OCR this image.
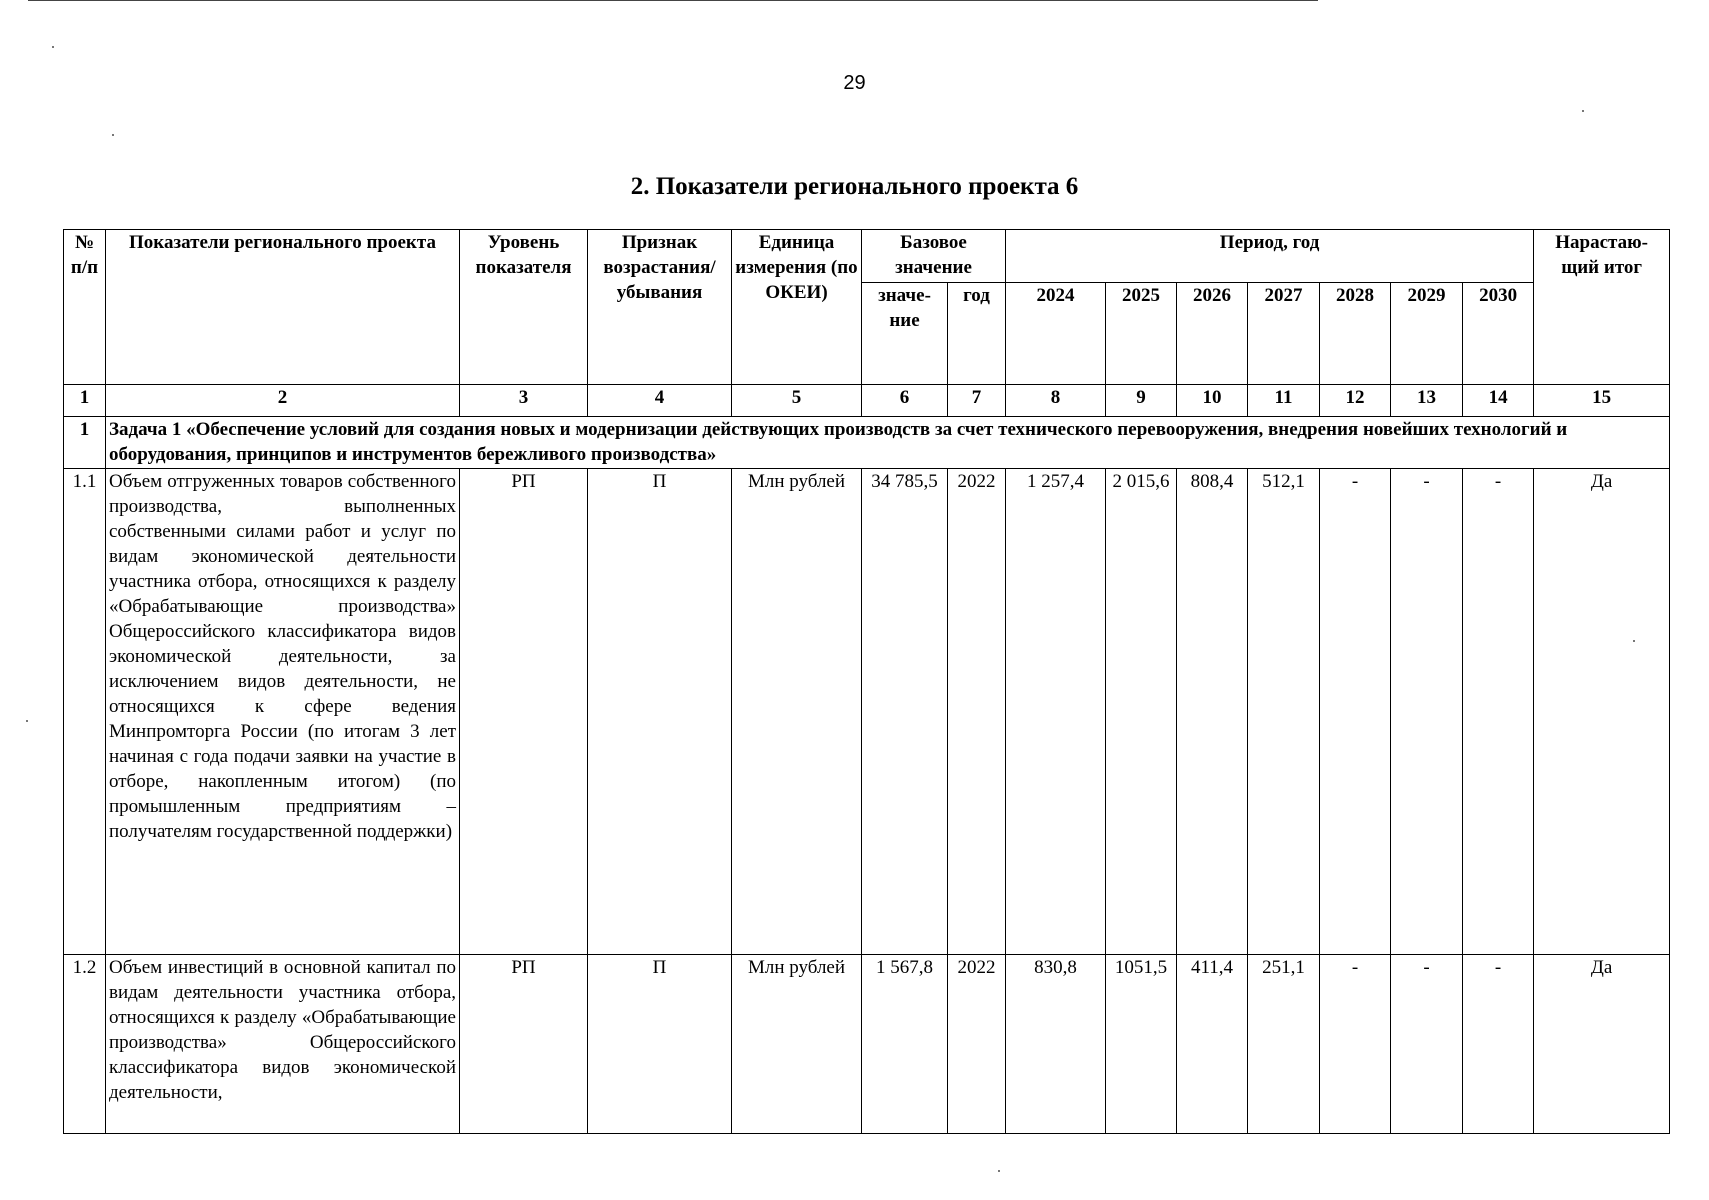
29
2. Показатели регионального проекта 6
№ п/п	Показатели регионального проекта	Уровень показателя	Признак возрастания/ убывания	Единица измерения (по ОКЕИ)	Базовое значение		Период, год							Нарастаю- щий итог
					значе- ние	год	2024	2025	2026	2027	2028	2029	2030	
1	2	3	4	5	6	7	8	9	10	11	12	13	14	15
1	Задача 1 «Обеспечение условий для создания новых и модернизации действующих производств за счет технического перевооружения, внедрения новейших технологий и оборудования, принципов и инструментов бережливого производства»													
1.1	Объем отгруженных товаров собственного производства, выполненных собственными силами работ и услуг по видам экономической деятельности участника отбора, относящихся к разделу «Обрабатывающие производства» Общероссийского классификатора видов экономической деятельности, за исключением видов деятельности, не относящихся к сфере ведения Минпромторга России (по итогам 3 лет начиная с года подачи заявки на участие в отборе, накопленным итогом) (по промышленным предприятиям – получателям государственной поддержки)	РП	П	Млн рублей	34 785,5	2022	1 257,4	2 015,6	808,4	512,1	-	-	-	Да
1.2	Объем инвестиций в основной капитал по видам деятельности участника отбора, относящихся к разделу «Обрабатывающие производства» Общероссийского классификатора видов экономической деятельности,	РП	П	Млн рублей	1 567,8	2022	830,8	1051,5	411,4	251,1	-	-	-	Да
